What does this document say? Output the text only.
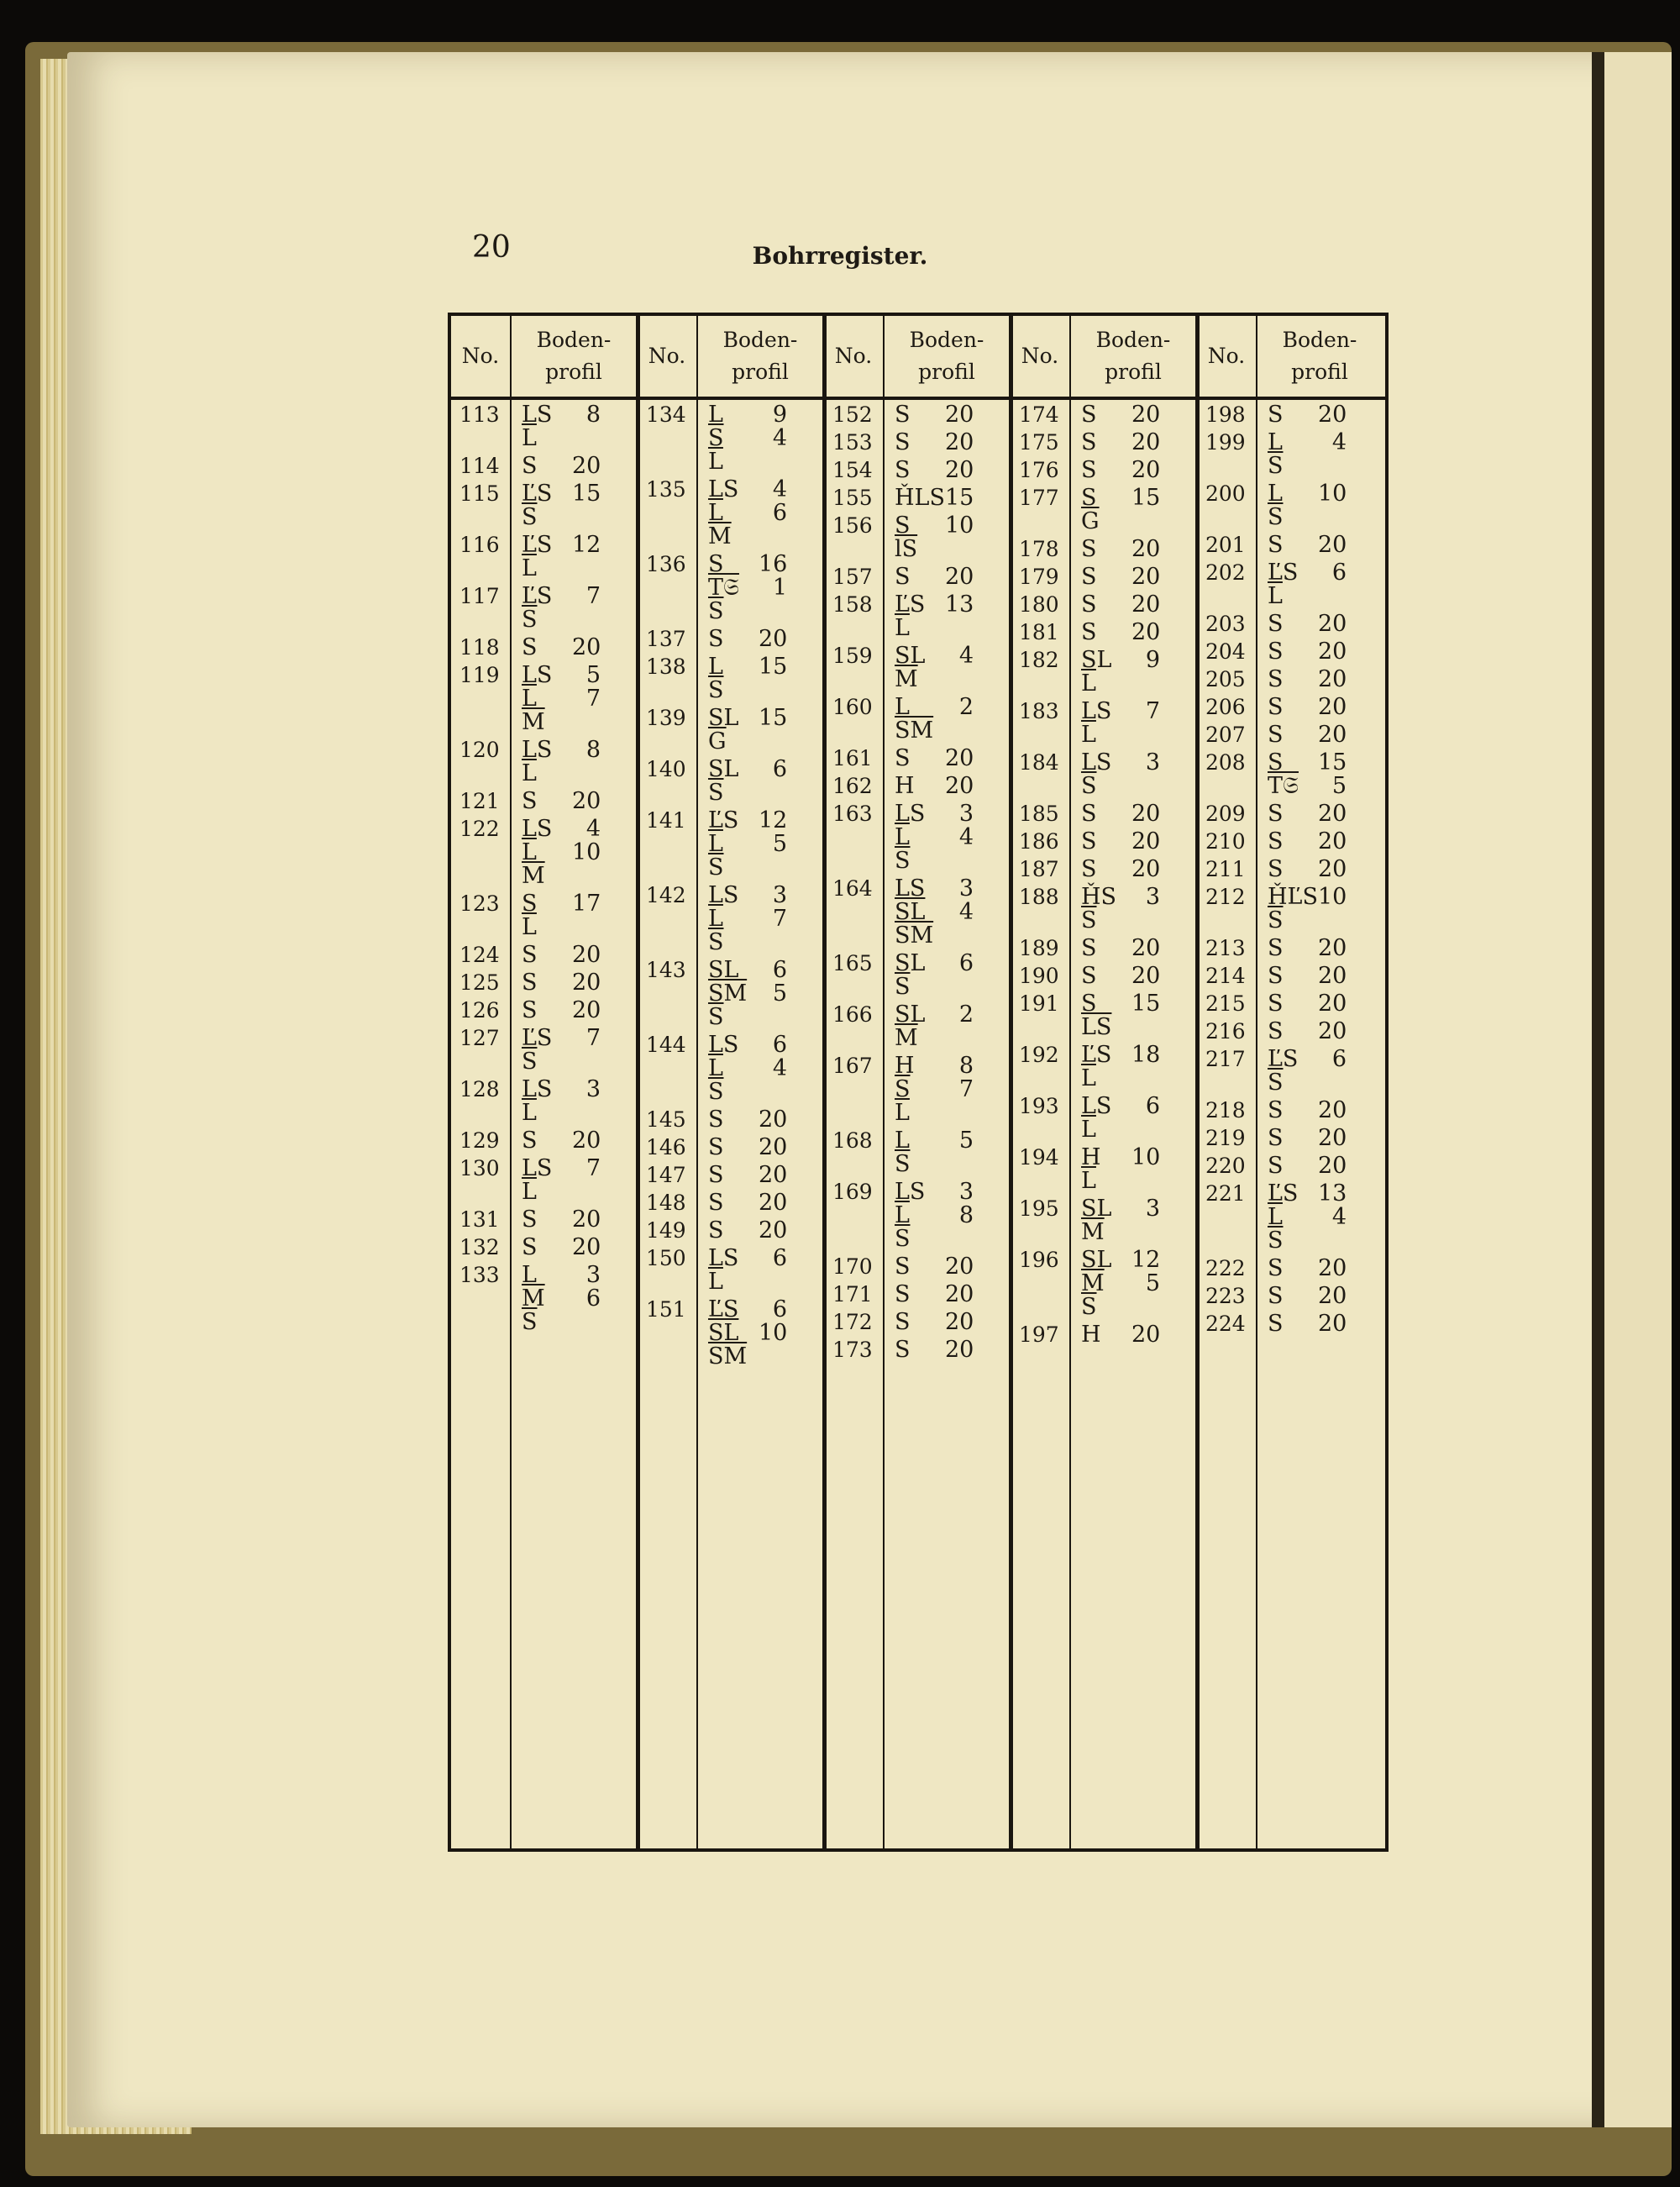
20	Bohrregister.
No.
Boden-
profil
113 LS	8
$\overline{L}$
114 S	20
115 ĽS 15
$\overline{S}$
116 ĽS 12
$\overline{L}$
117 ĽS	7
$\overline{S}$
118 S	20
119 LS	5
$\overline{L}$	7
$\overline{M}$
120 LS	8
$\overline{L}$
121 S	20
122 LS	4
$\overline{L}$	10
$\overline{M}$
123 S	17
$\overline{L}$
124 S	20
125 S	20
126 S	20
127 ĽS	7
$\overline{S}$
128 LS	3
$\overline{L}$
129 S	20
130 LS	7
$\overline{L}$
131 S	20
132 S	20
133 L	3
$\overline{M}$	6
$\overline{S}$
No.
Boden-
profil
134 L	9
$\overline{S}$	4
$\overline{L}$
135 LS	4
$\overline{L}$	6
$\overline{M}$
136 S	16
T𝔖	1
$\overline{S}$
137 S	20
138 L	15
$\overline{S}$
139 SL 15
$\overline{G}$
140 SL	6
$\overline{S}$
141 ĽS 12
$\overline{L}$	5
$\overline{S}$
142 LS	3
$\overline{L}$	7
$\overline{S}$
143 SL	6
$\overline{SM}$	5
$\overline{S}$
144 LS	6
$\overline{L}$	4
$\overline{S}$
145 S	20
146 S	20
147 S	20
148 S	20
149 S	20
150 LS	6
$\overline{L}$
151 ĽS	6
$\overline{SL}$ 10
$\overline{SM}$
No.
Boden-
profil
152 S	20
153 S	20
154 S	20
155 ȞLS 15
156 S	10
$\overline{lS}$
157 S	20
158 ĽS 13
$\overline{L}$
159 SL	4
$\overline{M}$
160 L	2
$\overline{SM}$
161 S	20
162 H	20
163 LS	3
$\overline{L}$	4
$\overline{S}$
164 LS	3
$\overline{SL}$	4
$\overline{SM}$
165 SL	6
$\overline{S}$
166 SL	2
$\overline{M}$
167 H	8
$\overline{S}$	7
$\overline{L}$
168 L	5
$\overline{S}$
169 LS	3
$\overline{L}$	8
$\overline{S}$
170 S	20
171 S	20
172 S	20
173 S	20
No.
Boden-
profil
174 S	20
175 S	20
176 S	20
177 S	15
$\overline{G}$
178 S	20
179 S	20
180 S	20
181 S	20
182 SL	9
$\overline{L}$
183 LS	7
$\overline{L}$
184 LS	3
$\overline{S}$
185 S	20
186 S	20
187 S	20
188 ȞS	3
$\overline{S}$
189 S	20
190 S	20
191 S	15
$\overline{LS}$
192 ĽS 18
$\overline{L}$
193 LS	6
$\overline{L}$
194 H	10
$\overline{L}$
195 SL	3
$\overline{M}$
196 SL 12
$\overline{M}$	5
$\overline{S}$
197 H	20
No.
Boden-
profil
198 S	20
199 L	4
$\overline{S}$
200 L	10
$\overline{S}$
201 S	20
202 ĽS	6
$\overline{L}$
203 S	20
204 S	20
205 S	20
206 S	20
207 S	20
208 S	15
T𝔖	5
209 S	20
210 S	20
211 S	20
212 ȞĽS 10
$\overline{S}$
213 S	20
214 S	20
215 S	20
216 S	20
217 ĽS	6
$\overline{S}$
218 S	20
219 S	20
220 S	20
221 ĽS 13
$\overline{L}$	4
$\overline{S}$
222 S	20
223 S	20
224 S	20
